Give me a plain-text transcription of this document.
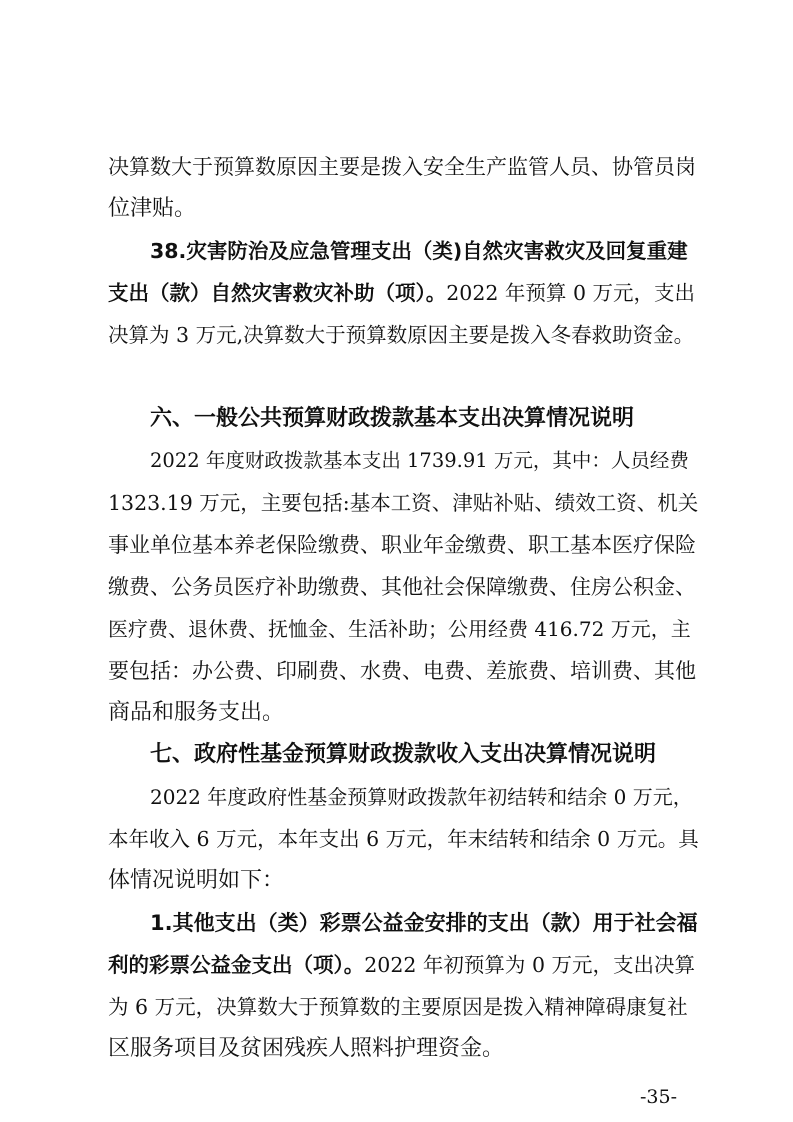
决算数大于预算数原因主要是拨入安全生产监管人员、协管员岗
位津贴。
38.灾害防治及应急管理支出（类)自然灾害救灾及回复重建
支出（款）自然灾害救灾补助（项）。2022 年预算 0 万元，支出
决算为 3 万元,决算数大于预算数原因主要是拨入冬春救助资金。
六、一般公共预算财政拨款基本支出决算情况说明
2022 年度财政拨款基本支出 1739.91 万元，其中：人员经费
1323.19 万元，主要包括:基本工资、津贴补贴、绩效工资、机关
事业单位基本养老保险缴费、职业年金缴费、职工基本医疗保险
缴费、公务员医疗补助缴费、其他社会保障缴费、住房公积金、
医疗费、退休费、抚恤金、生活补助；公用经费 416.72 万元，主
要包括：办公费、印刷费、水费、电费、差旅费、培训费、其他
商品和服务支出。
七、政府性基金预算财政拨款收入支出决算情况说明
2022 年度政府性基金预算财政拨款年初结转和结余 0 万元，
本年收入 6 万元，本年支出 6 万元，年末结转和结余 0 万元。具
体情况说明如下：
1.其他支出（类）彩票公益金安排的支出（款）用于社会福
利的彩票公益金支出（项）。2022 年初预算为 0 万元，支出决算
为 6 万元，决算数大于预算数的主要原因是拨入精神障碍康复社
区服务项目及贫困残疾人照料护理资金。
-35-
